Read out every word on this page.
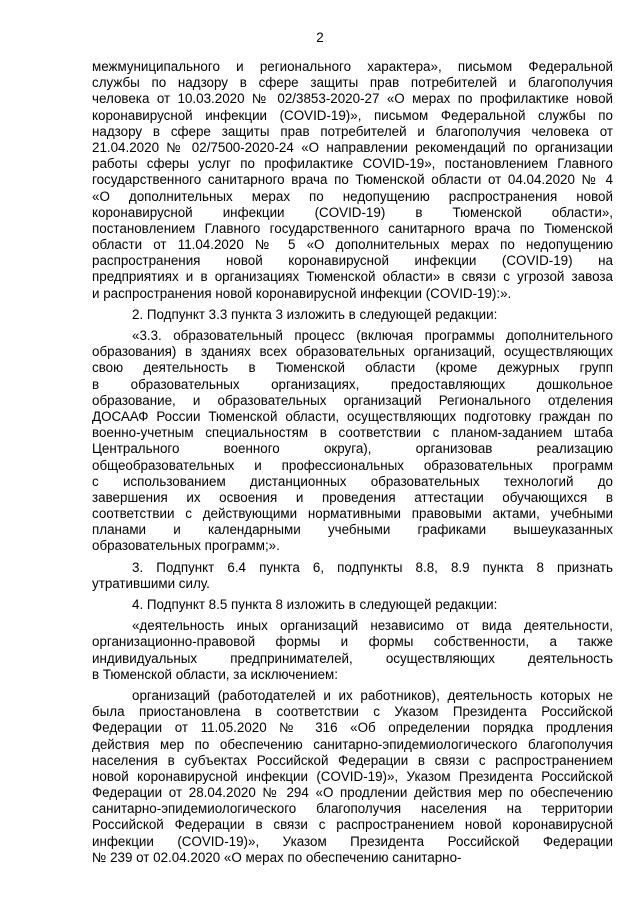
2
межмуниципального и регионального характера», письмом Федеральной
службы по надзору в сфере защиты прав потребителей и благополучия
человека от 10.03.2020 № 02/3853-2020-27 «О мерах по профилактике новой
коронавирусной инфекции (COVID-19)», письмом Федеральной службы по
надзору в сфере защиты прав потребителей и благополучия человека от
21.04.2020 № 02/7500-2020-24 «О направлении рекомендаций по организации
работы сферы услуг по профилактике COVID-19», постановлением Главного
государственного санитарного врача по Тюменской области от 04.04.2020 № 4
«О дополнительных мерах по недопущению распространения новой
коронавирусной инфекции (COVID-19) в Тюменской области»,
постановлением Главного государственного санитарного врача по Тюменской
области от 11.04.2020 № 5 «О дополнительных мерах по недопущению
распространения новой коронавирусной инфекции (COVID-19) на
предприятиях и в организациях Тюменской области» в связи с угрозой завоза
и распространения новой коронавирусной инфекции (COVID-19):».
2. Подпункт 3.3 пункта 3 изложить в следующей редакции:
«3.3. образовательный процесс (включая программы дополнительного
образования) в зданиях всех образовательных организаций, осуществляющих
свою деятельность в Тюменской области (кроме дежурных групп
в образовательных организациях, предоставляющих дошкольное
образование, и образовательных организаций Регионального отделения
ДОСААФ России Тюменской области, осуществляющих подготовку граждан по
военно-учетным специальностям в соответствии с планом-заданием штаба
Центрального военного округа), организовав реализацию
общеобразовательных и профессиональных образовательных программ
с использованием дистанционных образовательных технологий до
завершения их освоения и проведения аттестации обучающихся в
соответствии с действующими нормативными правовыми актами, учебными
планами и календарными учебными графиками вышеуказанных
образовательных программ;».
3. Подпункт 6.4 пункта 6, подпункты 8.8, 8.9 пункта 8 признать
утратившими силу.
4. Подпункт 8.5 пункта 8 изложить в следующей редакции:
«деятельность иных организаций независимо от вида деятельности,
организационно-правовой формы и формы собственности, а также
индивидуальных предпринимателей, осуществляющих деятельность
в Тюменской области, за исключением:
организаций (работодателей и их работников), деятельность которых не
была приостановлена в соответствии с Указом Президента Российской
Федерации от 11.05.2020 № 316 «Об определении порядка продления
действия мер по обеспечению санитарно-эпидемиологического благополучия
населения в субъектах Российской Федерации в связи с распространением
новой коронавирусной инфекции (COVID-19)», Указом Президента Российской
Федерации от 28.04.2020 № 294 «О продлении действия мер по обеспечению
санитарно-эпидемиологического благополучия населения на территории
Российской Федерации в связи с распространением новой коронавирусной
инфекции (COVID-19)», Указом Президента Российской Федерации
№ 239 от 02.04.2020 «О мерах по обеспечению санитарно-
